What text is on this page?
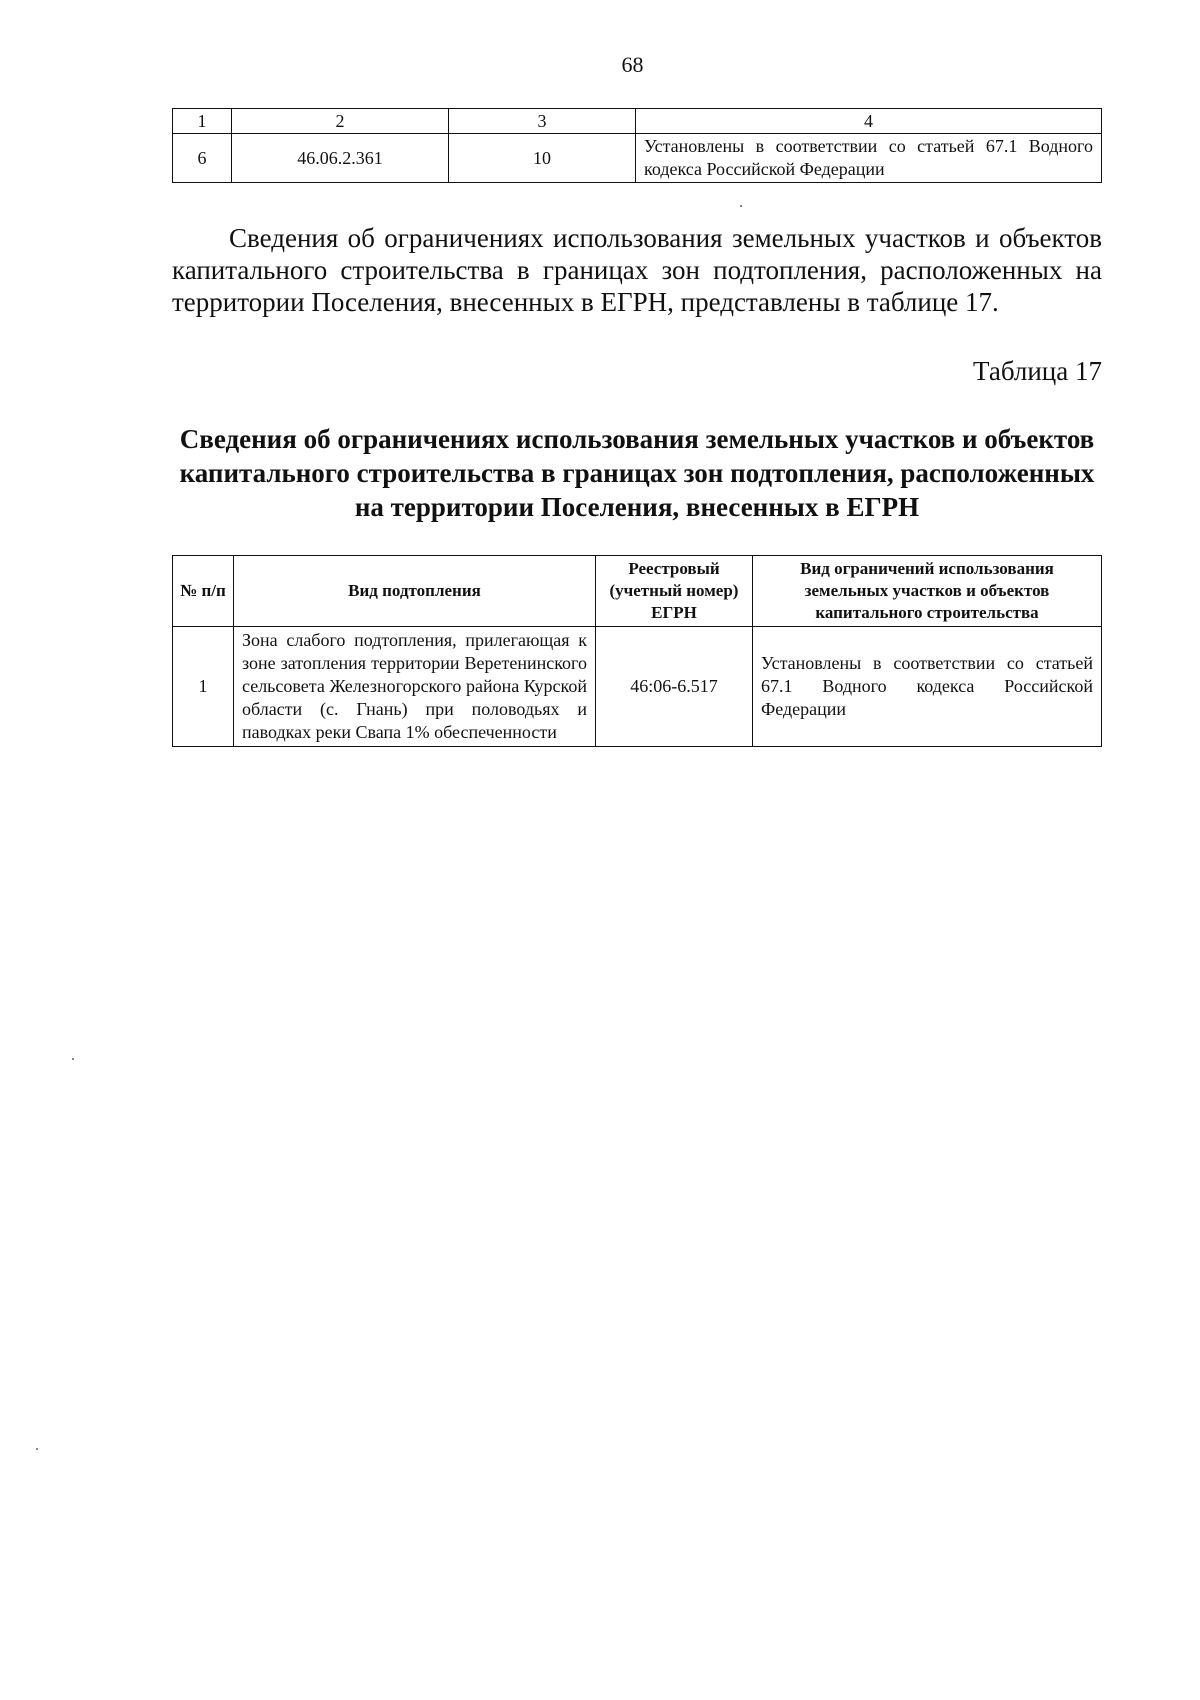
68
1	2	3	4
6	46.06.2.361	10	Установлены в соответствии со статьей 67.1 Водного кодекса Российской Федерации

Сведения об ограничениях использования земельных участков и объектов капитального строительства в границах зон подтопления, расположенных на территории Поселения, внесенных в ЕГРН, представлены в таблице 17.

Таблица 17
Сведения об ограничениях использования земельных участков и объектов капитального строительства в границах зон подтопления, расположенных на территории Поселения, внесенных в ЕГРН
№ п/п	Вид подтопления	Реестровый (учетный номер) ЕГРН	Вид ограничений использования земельных участков и объектов капитального строительства
1	Зона слабого подтопления, прилегающая к зоне затопления территории Веретенинского сельсовета Железногорского района Курской области (с. Гнань) при половодьях и паводках реки Свапа 1% обеспеченности	46:06-6.517	Установлены в соответствии со статьей 67.1 Водного кодекса Российской Федерации
